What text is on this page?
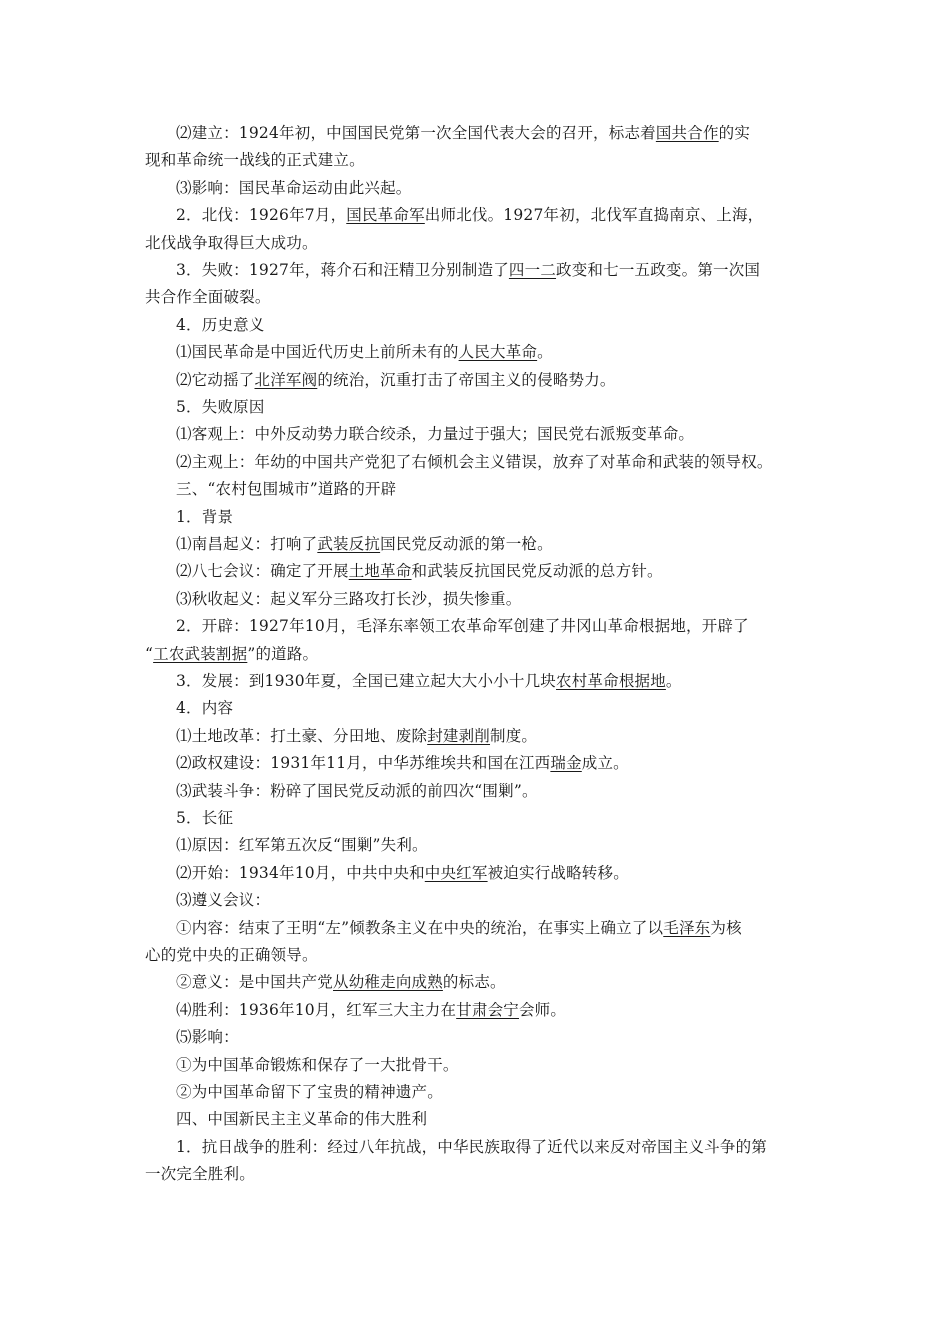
⑵建立：1924年初，中国国民党第一次全国代表大会的召开，标志着国共合作的实
现和革命统一战线的正式建立。
⑶影响：国民革命运动由此兴起。
2．北伐：1926年7月，国民革命军出师北伐。1927年初，北伐军直捣南京、上海，
北伐战争取得巨大成功。
3．失败：1927年，蒋介石和汪精卫分别制造了四一二政变和七一五政变。第一次国
共合作全面破裂。
4．历史意义
⑴国民革命是中国近代历史上前所未有的人民大革命。
⑵它动摇了北洋军阀的统治，沉重打击了帝国主义的侵略势力。
5．失败原因
⑴客观上：中外反动势力联合绞杀，力量过于强大；国民党右派叛变革命。
⑵主观上：年幼的中国共产党犯了右倾机会主义错误，放弃了对革命和武装的领导权。
三、“农村包围城市”道路的开辟
1．背景
⑴南昌起义：打响了武装反抗国民党反动派的第一枪。
⑵八七会议：确定了开展土地革命和武装反抗国民党反动派的总方针。
⑶秋收起义：起义军分三路攻打长沙，损失惨重。
2．开辟：1927年10月，毛泽东率领工农革命军创建了井冈山革命根据地，开辟了
“工农武装割据”的道路。
3．发展：到1930年夏，全国已建立起大大小小十几块农村革命根据地。
4．内容
⑴土地改革：打土豪、分田地、废除封建剥削制度。
⑵政权建设：1931年11月，中华苏维埃共和国在江西瑞金成立。
⑶武装斗争：粉碎了国民党反动派的前四次“围剿”。
5．长征
⑴原因：红军第五次反“围剿”失利。
⑵开始：1934年10月，中共中央和中央红军被迫实行战略转移。
⑶遵义会议：
①内容：结束了王明“左”倾教条主义在中央的统治，在事实上确立了以毛泽东为核
心的党中央的正确领导。
②意义：是中国共产党从幼稚走向成熟的标志。
⑷胜利：1936年10月，红军三大主力在甘肃会宁会师。
⑸影响：
①为中国革命锻炼和保存了一大批骨干。
②为中国革命留下了宝贵的精神遗产。
四、中国新民主主义革命的伟大胜利
1．抗日战争的胜利：经过八年抗战，中华民族取得了近代以来反对帝国主义斗争的第
一次完全胜利。
